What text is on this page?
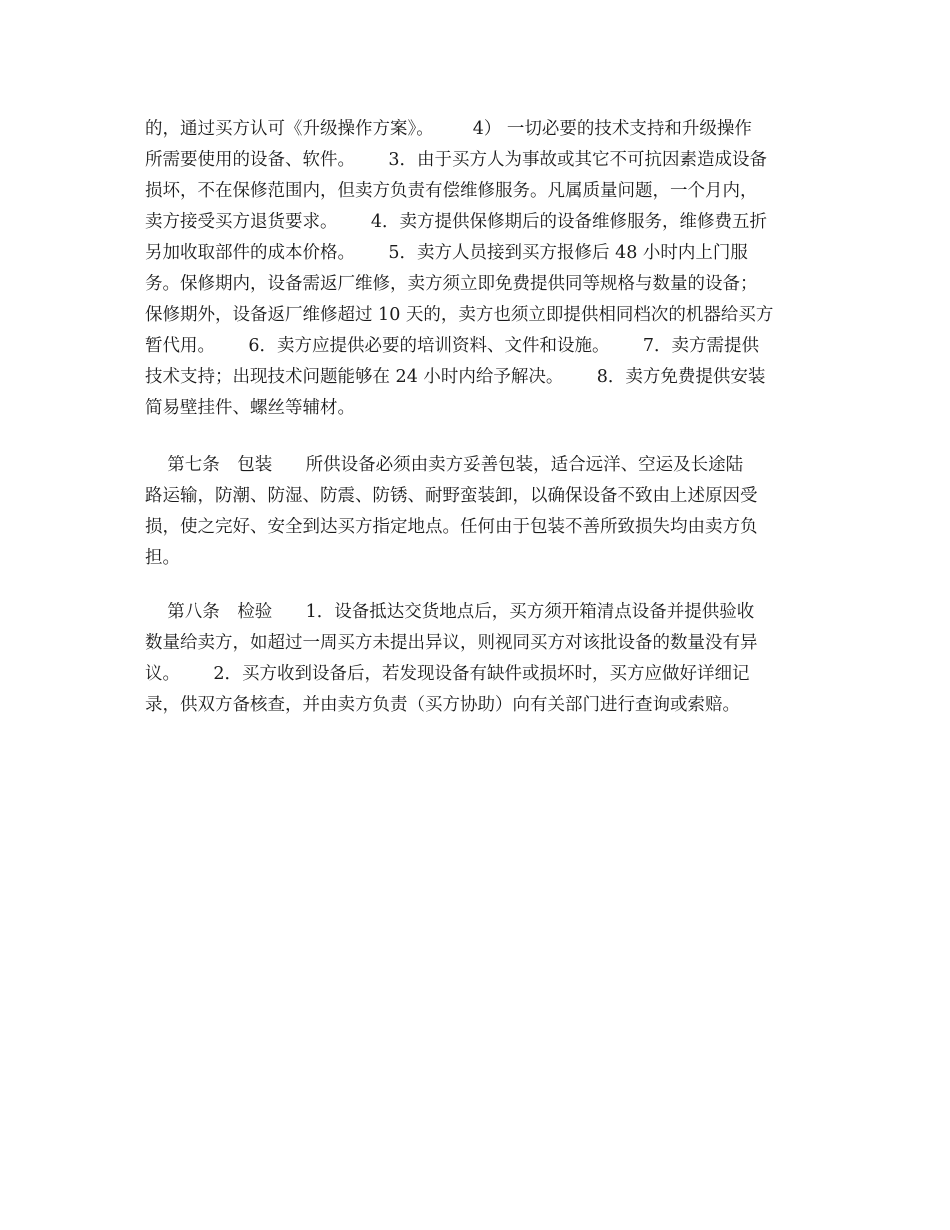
的，通过买方认可《升级操作方案》。       4） 一切必要的技术支持和升级操作
所需要使用的设备、软件。      3．由于买方人为事故或其它不可抗因素造成设备
损坏，不在保修范围内，但卖方负责有偿维修服务。凡属质量问题，一个月内，
卖方接受买方退货要求。      4．卖方提供保修期后的设备维修服务，维修费五折
另加收取部件的成本价格。      5．卖方人员接到买方报修后 48 小时内上门服
务。保修期内，设备需返厂维修，卖方须立即免费提供同等规格与数量的设备；
保修期外，设备返厂维修超过 10 天的，卖方也须立即提供相同档次的机器给买方
暂代用。      6．卖方应提供必要的培训资料、文件和设施。      7．卖方需提供
技术支持；出现技术问题能够在 24 小时内给予解决。      8．卖方免费提供安装
简易壁挂件、螺丝等辅材。
第七条　包装      所供设备必须由卖方妥善包装，适合远洋、空运及长途陆
路运输，防潮、防湿、防震、防锈、耐野蛮装卸，以确保设备不致由上述原因受
损，使之完好、安全到达买方指定地点。任何由于包装不善所致损失均由卖方负
担。
第八条　检验      1．设备抵达交货地点后，买方须开箱清点设备并提供验收
数量给卖方，如超过一周买方未提出异议，则视同买方对该批设备的数量没有异
议。      2．买方收到设备后，若发现设备有缺件或损坏时，买方应做好详细记
录，供双方备核查，并由卖方负责（买方协助）向有关部门进行查询或索赔。
